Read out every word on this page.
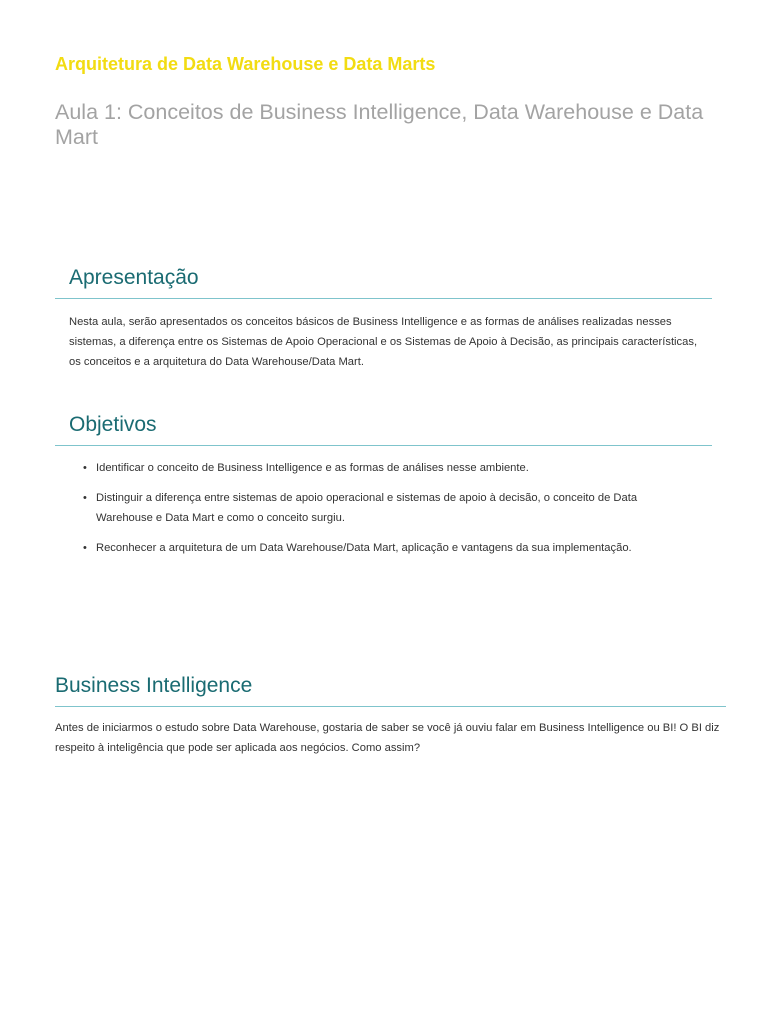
Arquitetura de Data Warehouse e Data Marts
Aula 1: Conceitos de Business Intelligence, Data Warehouse e Data Mart
Apresentação

Nesta aula, serão apresentados os conceitos básicos de Business Intelligence e as formas de análises realizadas nesses sistemas, a diferença entre os Sistemas de Apoio Operacional e os Sistemas de Apoio à Decisão, as principais características, os conceitos e a arquitetura do Data Warehouse/Data Mart.

Objetivos
• Identificar o conceito de Business Intelligence e as formas de análises nesse ambiente.
• Distinguir a diferença entre sistemas de apoio operacional e sistemas de apoio à decisão, o conceito de Data Warehouse e Data Mart e como o conceito surgiu.
• Reconhecer a arquitetura de um Data Warehouse/Data Mart, aplicação e vantagens da sua implementação.
Business Intelligence

Antes de iniciarmos o estudo sobre Data Warehouse, gostaria de saber se você já ouviu falar em Business Intelligence ou BI! O BI diz respeito à inteligência que pode ser aplicada aos negócios. Como assim?
